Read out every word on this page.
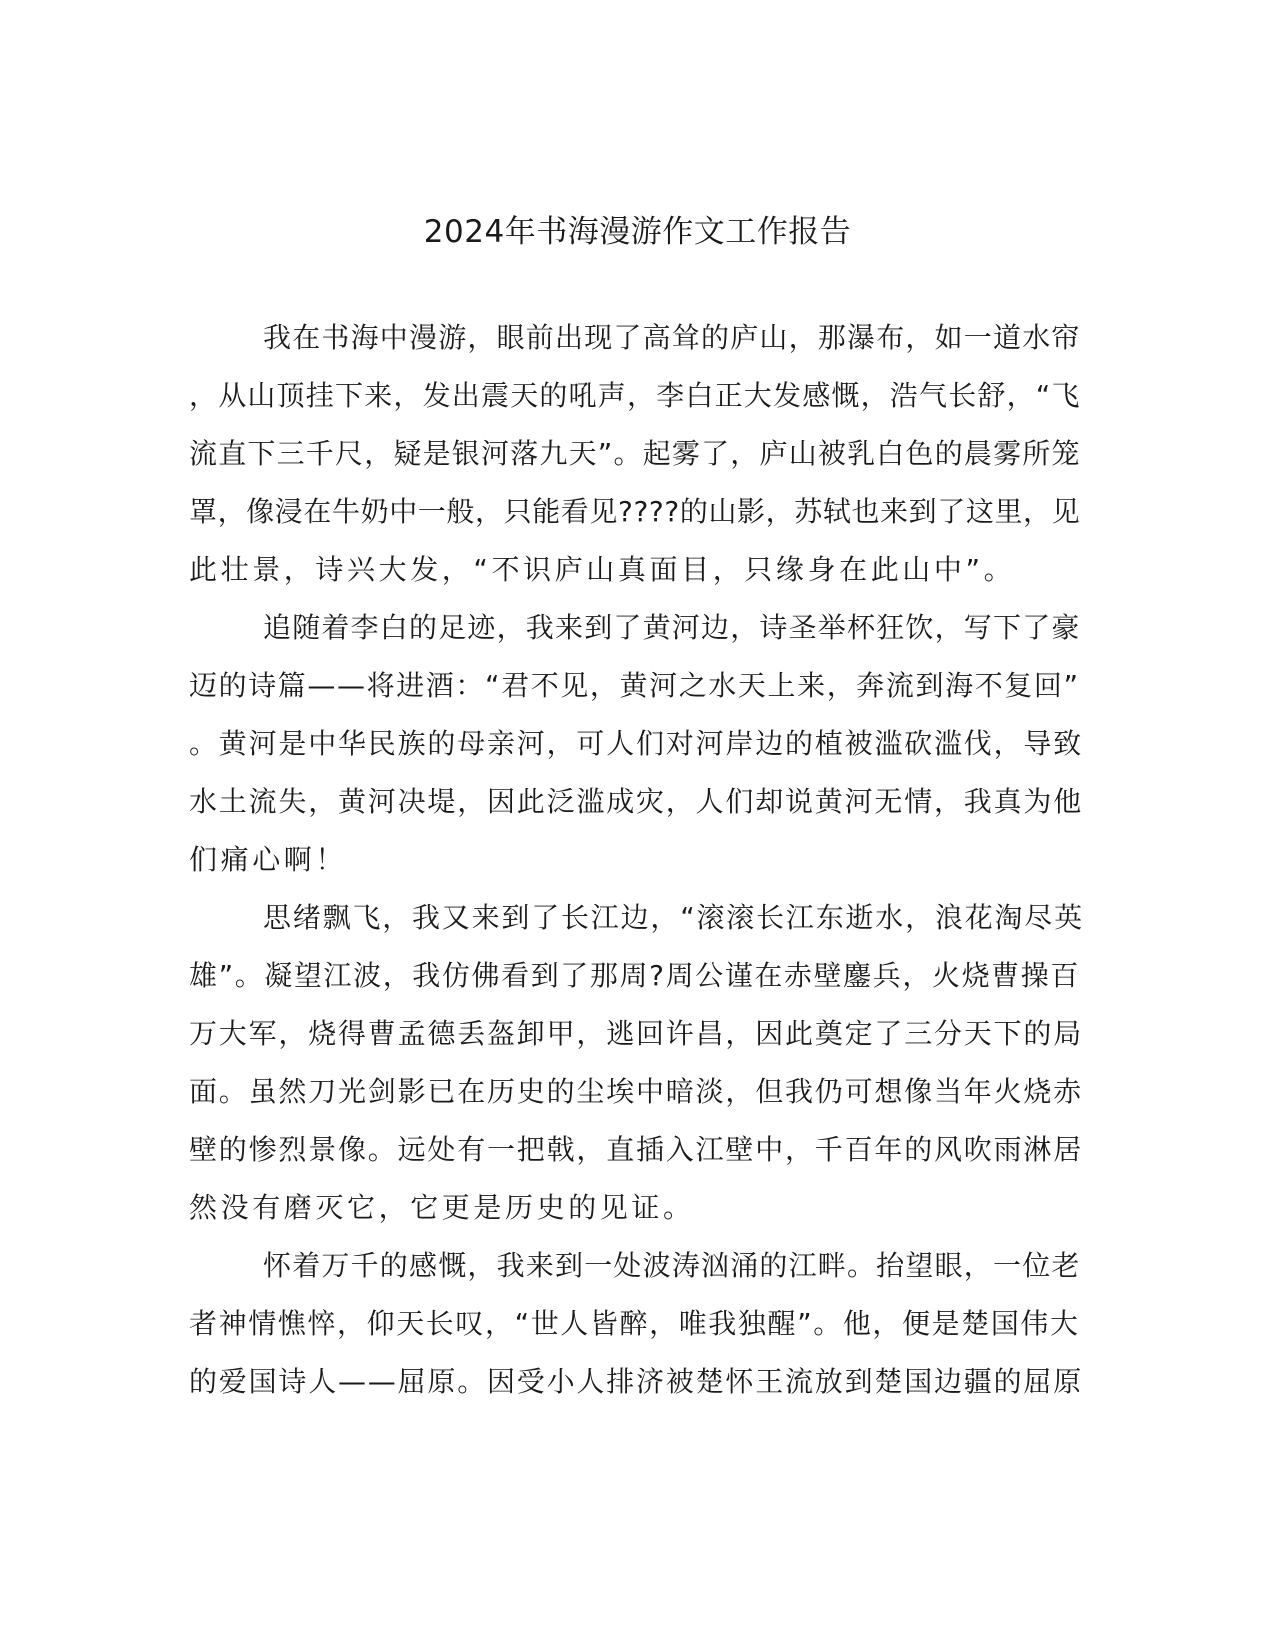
2024年书海漫游作文工作报告

我在书海中漫游，眼前出现了高耸的庐山，那瀑布，如一道水帘

，从山顶挂下来，发出震天的吼声，李白正大发感慨，浩气长舒，“飞

流直下三千尺，疑是银河落九天”。起雾了，庐山被乳白色的晨雾所笼

罩，像浸在牛奶中一般，只能看见????的山影，苏轼也来到了这里，见

此壮景，诗兴大发，“不识庐山真面目，只缘身在此山中”。

追随着李白的足迹，我来到了黄河边，诗圣举杯狂饮，写下了豪

迈的诗篇——将进酒：“君不见，黄河之水天上来，奔流到海不复回”

。黄河是中华民族的母亲河，可人们对河岸边的植被滥砍滥伐，导致

水土流失，黄河决堤，因此泛滥成灾，人们却说黄河无情，我真为他

们痛心啊！

思绪飘飞，我又来到了长江边，“滚滚长江东逝水，浪花淘尽英

雄”。凝望江波，我仿佛看到了那周?周公谨在赤壁鏖兵，火烧曹操百

万大军，烧得曹孟德丢盔卸甲，逃回许昌，因此奠定了三分天下的局

面。虽然刀光剑影已在历史的尘埃中暗淡，但我仍可想像当年火烧赤

壁的惨烈景像。远处有一把戟，直插入江壁中，千百年的风吹雨淋居

然没有磨灭它，它更是历史的见证。

怀着万千的感慨，我来到一处波涛汹涌的江畔。抬望眼，一位老

者神情憔悴，仰天长叹，“世人皆醉，唯我独醒”。他，便是楚国伟大

的爱国诗人——屈原。因受小人排济被楚怀王流放到楚国边疆的屈原
